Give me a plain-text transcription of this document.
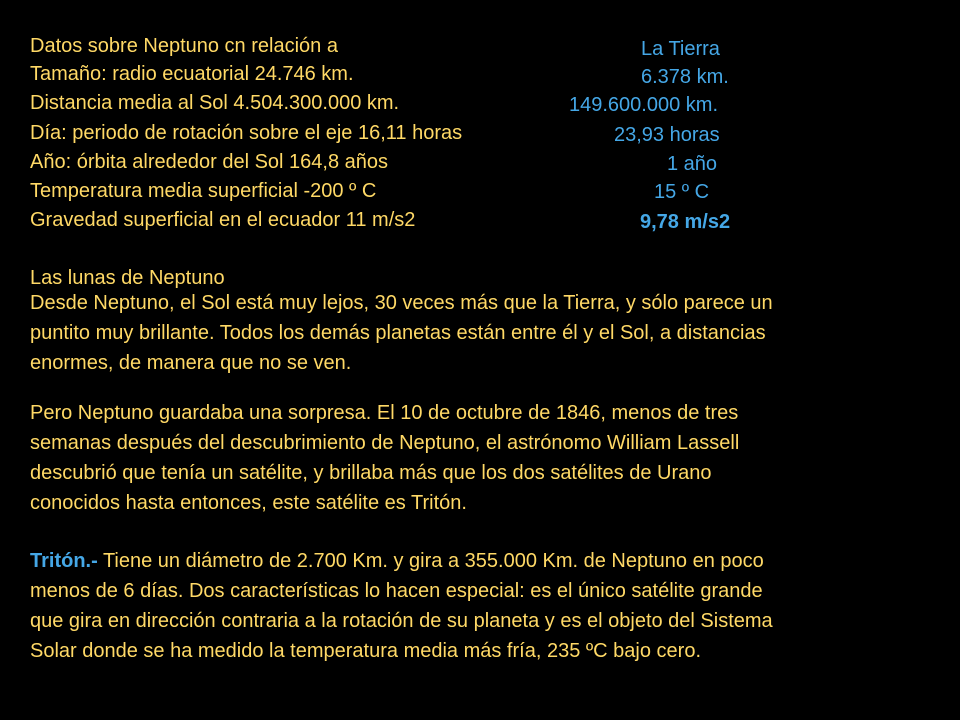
Datos sobre Neptuno cn relación a
Tamaño: radio ecuatorial 24.746 km.
Distancia media al Sol 4.504.300.000 km.
Día: periodo de rotación sobre el eje 16,11 horas
Año: órbita alrededor del Sol 164,8 años
Temperatura media superficial -200 º C
Gravedad superficial en el ecuador 11 m/s2
La Tierra
6.378 km.
149.600.000 km.
23,93 horas
1 año
15 º C
9,78 m/s2
Las lunas de Neptuno
Desde Neptuno, el Sol está muy lejos, 30 veces más que la Tierra, y sólo parece un
puntito muy brillante. Todos los demás planetas están entre él y el Sol, a distancias
enormes, de manera que no se ven.
Pero Neptuno guardaba una sorpresa. El 10 de octubre de 1846, menos de tres
semanas después del descubrimiento de Neptuno, el astrónomo William Lassell
descubrió que tenía un satélite, y brillaba más que los dos satélites de Urano
conocidos hasta entonces, este satélite es Tritón.
Tritón.- Tiene un diámetro de 2.700 Km. y gira a 355.000 Km. de Neptuno en poco
menos de 6 días. Dos características lo hacen especial: es el único satélite grande
que gira en dirección contraria a la rotación de su planeta y es el objeto del Sistema
Solar donde se ha medido la temperatura media más fría, 235 ºC bajo cero.
